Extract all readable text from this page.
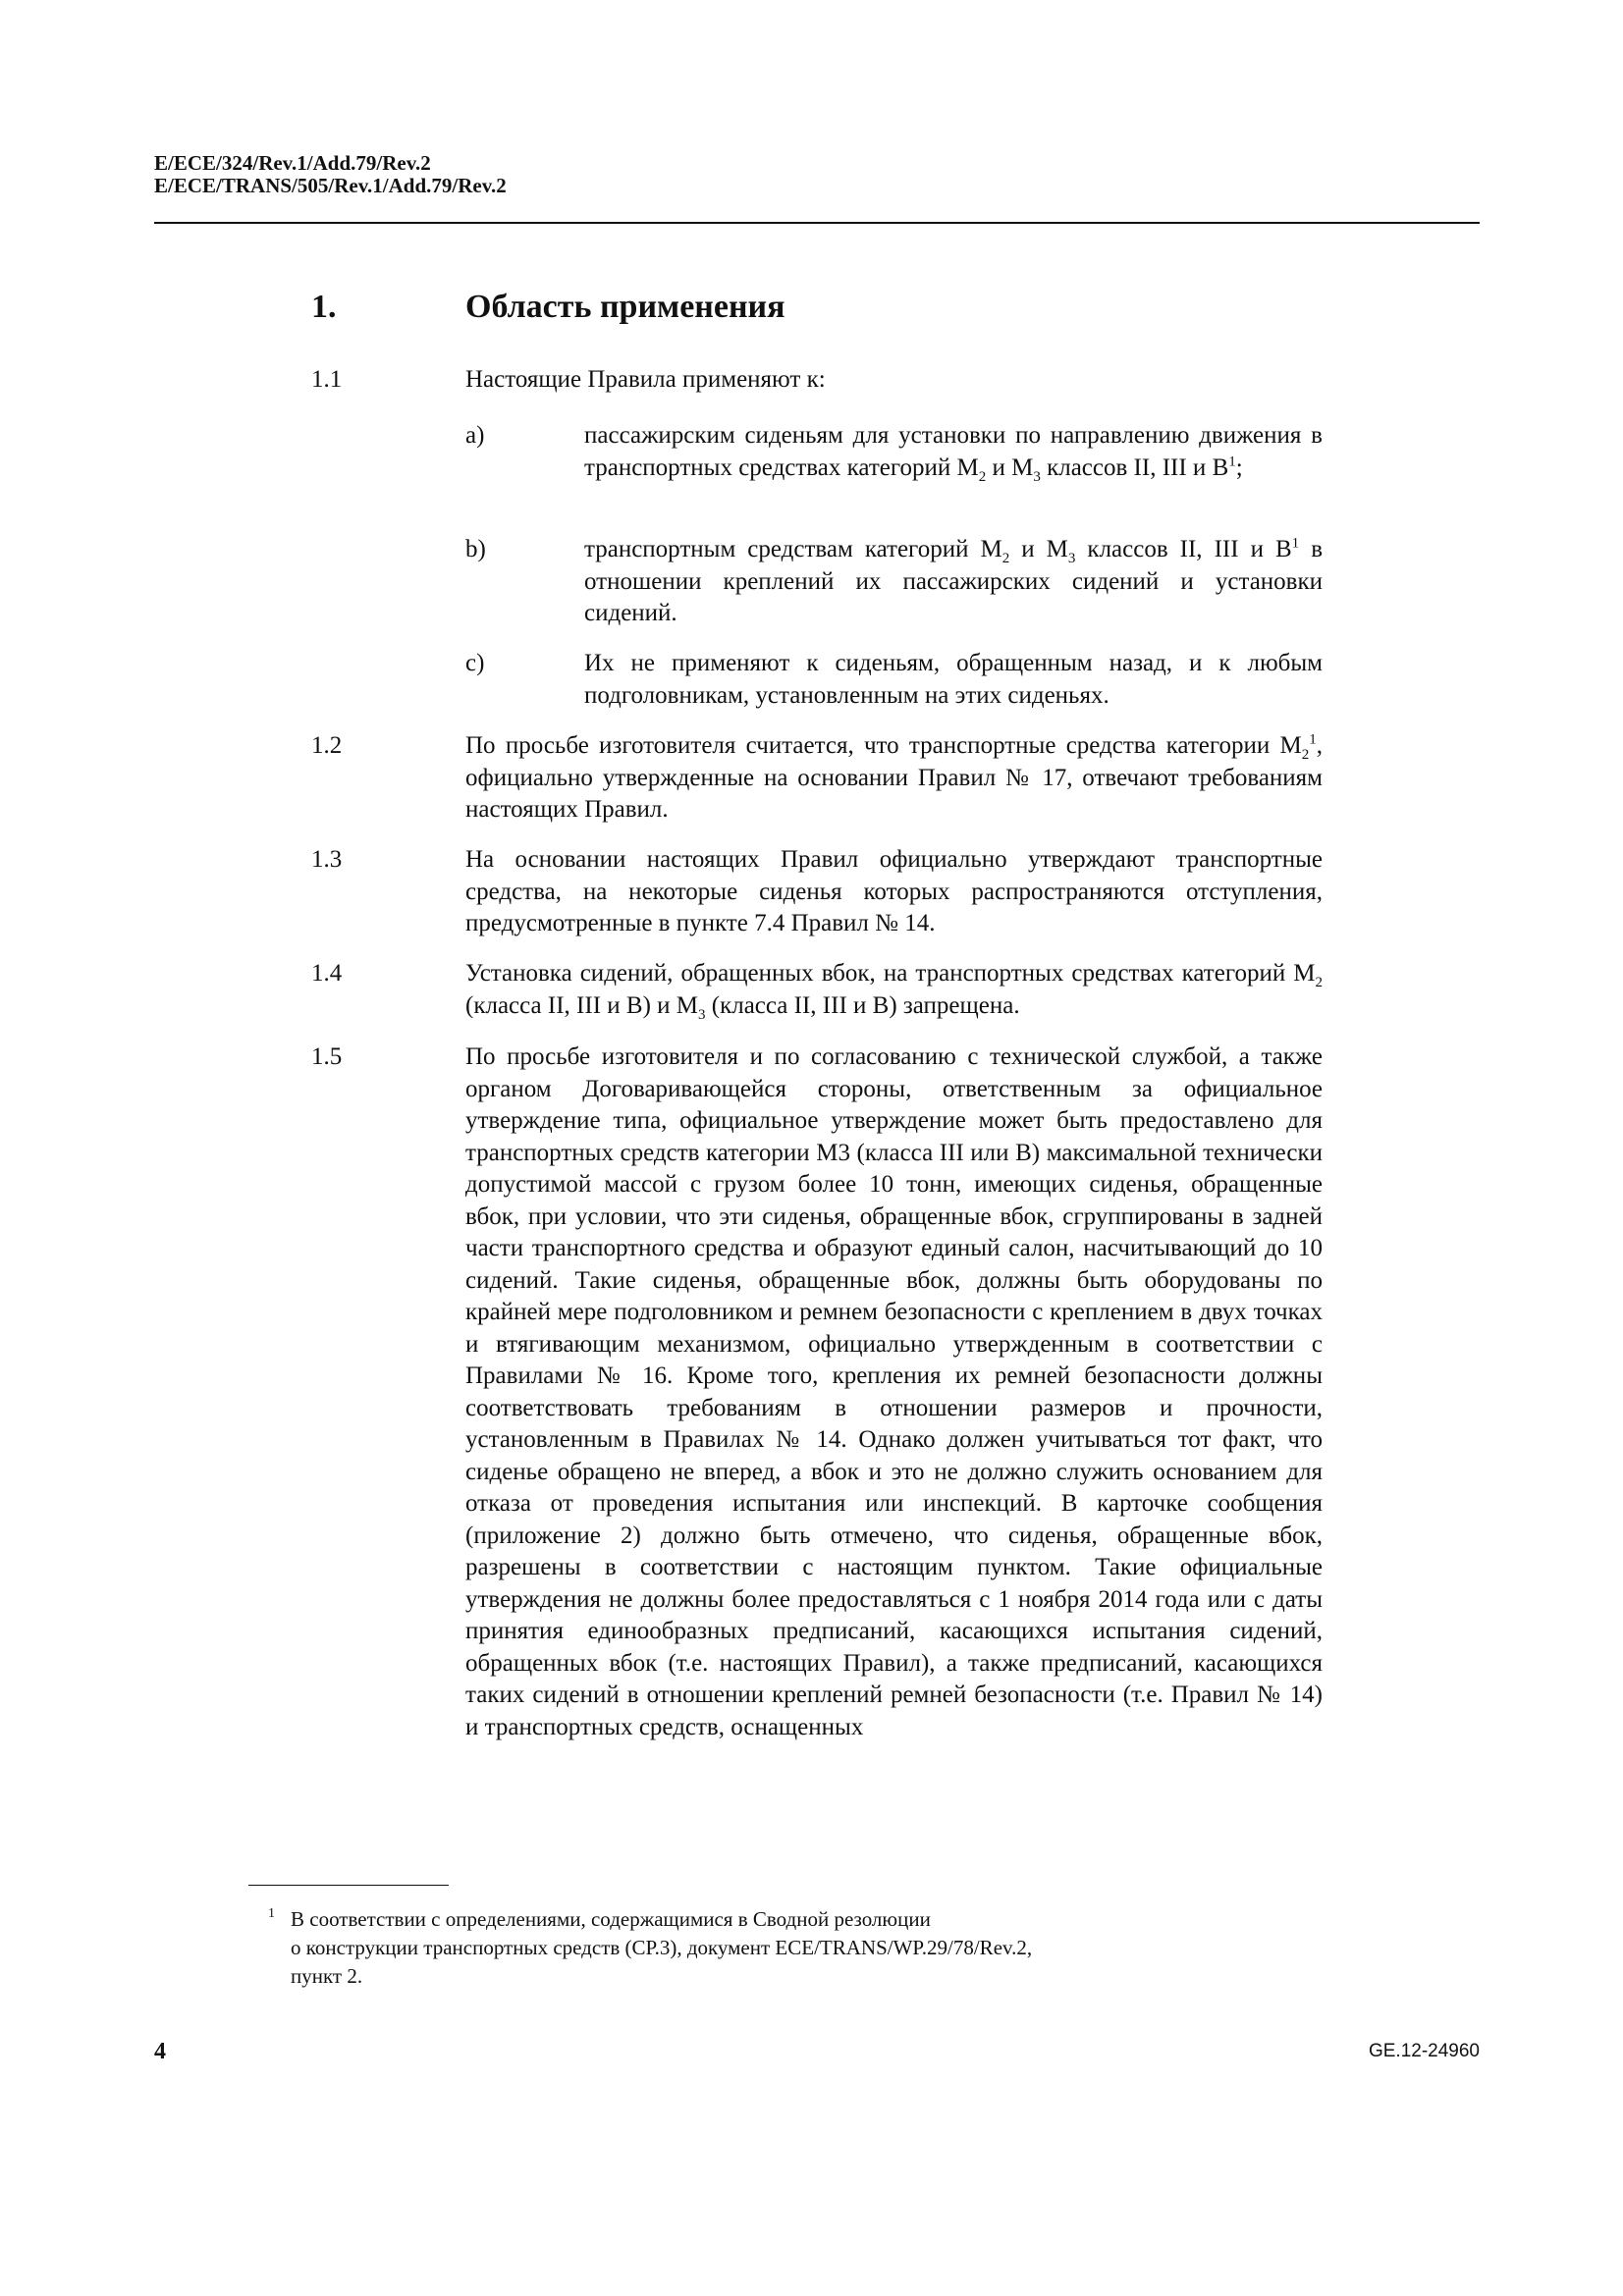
E/ECE/324/Rev.1/Add.79/Rev.2

E/ECE/TRANS/505/Rev.1/Add.79/Rev.2

1.	Область применения
1.1	Настоящие Правила применяют к:
a)	пассажирским сиденьям для установки по направлению движения в транспортных средствах категорий $M_2$ и $M_3$ классов II, III и $B^1$;
b)	транспортным средствам категорий $M_2$ и $M_3$ классов II, III и $B^1$ в отношении креплений их пассажирских сидений и установки сидений.
c)	Их не применяют к сиденьям, обращенным назад, и к любым подголовникам, установленным на этих сиденьях.
1.2	По просьбе изготовителя считается, что транспортные средства категории $M_2^1$, официально утвержденные на основании Правил № 17, отвечают требованиям настоящих Правил.
1.3	На основании настоящих Правил официально утверждают транспортные средства, на некоторые сиденья которых распространяются отступления, предусмотренные в пункте 7.4 Правил № 14.
1.4	Установка сидений, обращенных вбок, на транспортных средствах категорий $M_2$ (класса II, III и B) и $M_3$ (класса II, III и B) запрещена.
1.5	По просьбе изготовителя и по согласованию с технической службой, а также органом Договаривающейся стороны, ответственным за официальное утверждение типа, официальное утверждение может быть предоставлено для транспортных средств категории M3 (класса III или B) максимальной технически допустимой массой с грузом более 10 тонн, имеющих сиденья, обращенные вбок, при условии, что эти сиденья, обращенные вбок, сгруппированы в задней части транспортного средства и образуют единый салон, насчитывающий до 10 сидений. Такие сиденья, обращенные вбок, должны быть оборудованы по крайней мере подголовником и ремнем безопасности с креплением в двух точках и втягивающим механизмом, официально утвержденным в соответствии с Правилами № 16. Кроме того, крепления их ремней безопасности должны соответствовать требованиям в отношении размеров и прочности, установленным в Правилах № 14. Однако должен учитываться тот факт, что сиденье обращено не вперед, а вбок и это не должно служить основанием для отказа от проведения испытания или инспекций. В карточке сообщения (приложение 2) должно быть отмечено, что сиденья, обращенные вбок, разрешены в соответствии с настоящим пунктом. Такие официальные утверждения не должны более предоставляться с 1 ноября 2014 года или с даты принятия единообразных предписаний, касающихся испытания сидений, обращенных вбок (т.е. настоящих Правил), а также предписаний, касающихся таких сидений в отношении креплений ремней безопасности (т.е. Правил № 14) и транспортных средств, оснащенных
1 В соответствии с определениями, содержащимися в Сводной резолюции
о конструкции транспортных средств (СР.3), документ ECE/TRANS/WP.29/78/Rev.2,
пункт 2.
4	GE.12-24960
